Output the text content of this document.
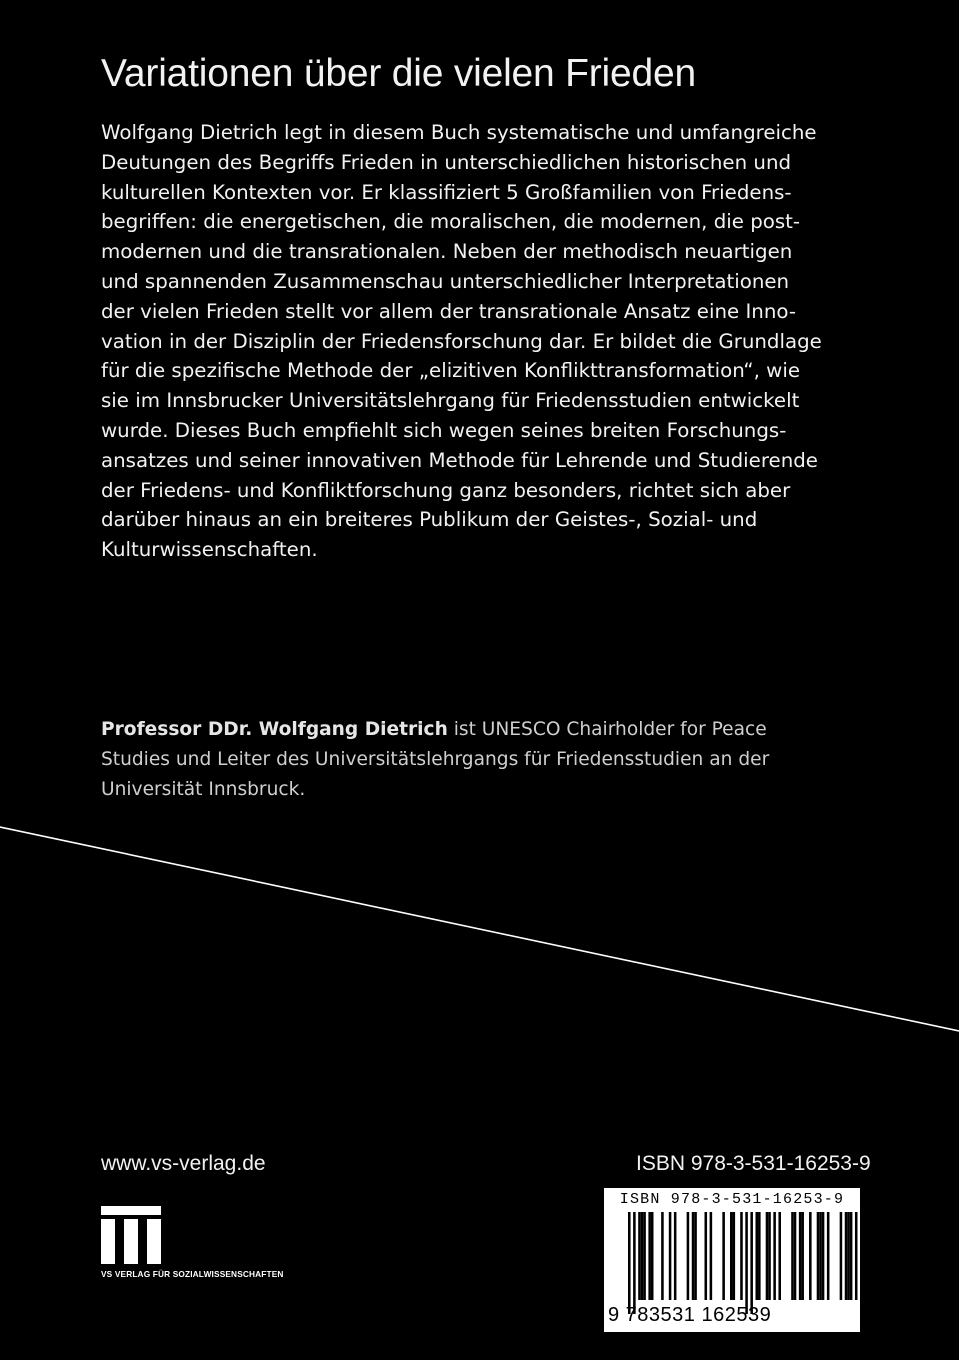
Variationen über die vielen Frieden

Wolfgang Dietrich legt in diesem Buch systematische und umfangreiche
Deutungen des Begriffs Frieden in unterschiedlichen historischen und
kulturellen Kontexten vor. Er klassifiziert 5 Großfamilien von Friedens-
begriffen: die energetischen, die moralischen, die modernen, die post-
modernen und die transrationalen. Neben der methodisch neuartigen
und spannenden Zusammenschau unterschiedlicher Interpretationen
der vielen Frieden stellt vor allem der transrationale Ansatz eine Inno-
vation in der Disziplin der Friedensforschung dar. Er bildet die Grundlage
für die spezifische Methode der „elizitiven Konflikttransformation“, wie
sie im Innsbrucker Universitätslehrgang für Friedensstudien entwickelt
wurde. Dieses Buch empfiehlt sich wegen seines breiten Forschungs-
ansatzes und seiner innovativen Methode für Lehrende und Studierende
der Friedens- und Konfliktforschung ganz besonders, richtet sich aber
darüber hinaus an ein breiteres Publikum der Geistes-, Sozial- und
Kulturwissenschaften.

Professor DDr. Wolfgang Dietrich ist UNESCO Chairholder for Peace
Studies und Leiter des Universitätslehrgangs für Friedensstudien an der
Universität Innsbruck.

www.vs-verlag.de	ISBN 978-3-531-16253-9
VS VERLAG FÜR SOZIALWISSENSCHAFTEN
ISBN 978-3-531-16253-9
9 783531 162539
